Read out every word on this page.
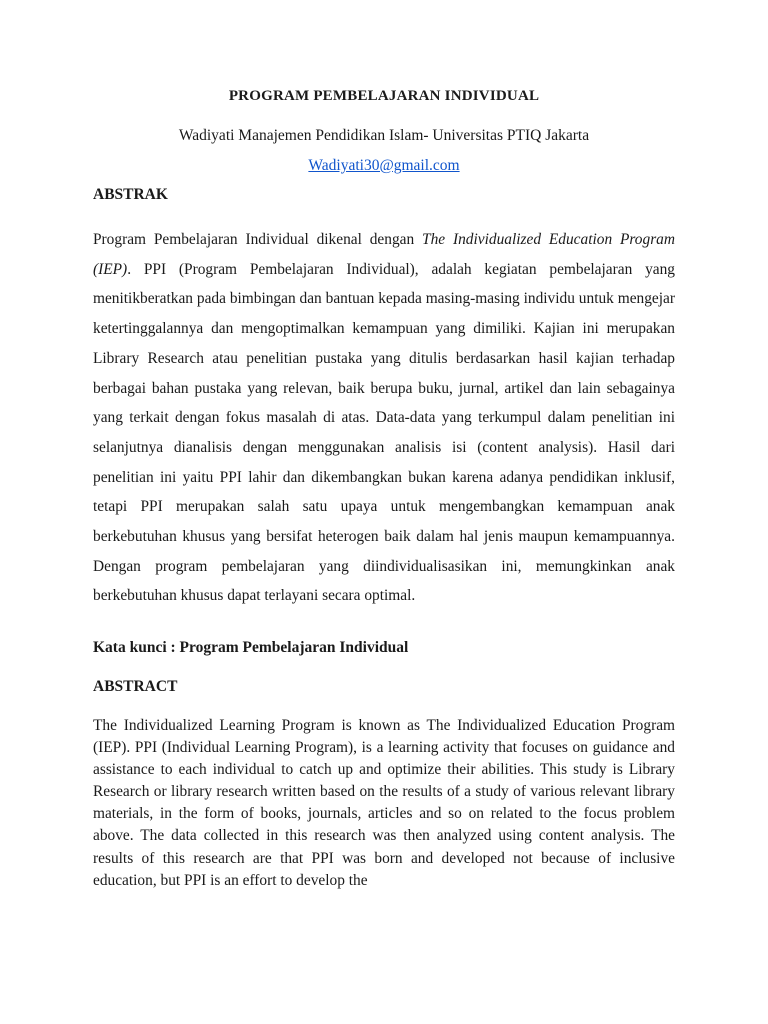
PROGRAM PEMBELAJARAN INDIVIDUAL
Wadiyati Manajemen Pendidikan Islam- Universitas PTIQ Jakarta
Wadiyati30@gmail.com
ABSTRAK
Program Pembelajaran Individual dikenal dengan The Individualized Education Program (IEP). PPI (Program Pembelajaran Individual), adalah kegiatan pembelajaran yang menitikberatkan pada bimbingan dan bantuan kepada masing-masing individu untuk mengejar ketertinggalannya dan mengoptimalkan kemampuan yang dimiliki. Kajian ini merupakan Library Research atau penelitian pustaka yang ditulis berdasarkan hasil kajian terhadap berbagai bahan pustaka yang relevan, baik berupa buku, jurnal, artikel dan lain sebagainya yang terkait dengan fokus masalah di atas. Data-data yang terkumpul dalam penelitian ini selanjutnya dianalisis dengan menggunakan analisis isi (content analysis). Hasil dari penelitian ini yaitu PPI lahir dan dikembangkan bukan karena adanya pendidikan inklusif, tetapi PPI merupakan salah satu upaya untuk mengembangkan kemampuan anak berkebutuhan khusus yang bersifat heterogen baik dalam hal jenis maupun kemampuannya. Dengan program pembelajaran yang diindividualisasikan ini, memungkinkan anak berkebutuhan khusus dapat terlayani secara optimal.
Kata kunci : Program Pembelajaran Individual
ABSTRACT
The Individualized Learning Program is known as The Individualized Education Program (IEP). PPI (Individual Learning Program), is a learning activity that focuses on guidance and assistance to each individual to catch up and optimize their abilities. This study is Library Research or library research written based on the results of a study of various relevant library materials, in the form of books, journals, articles and so on related to the focus problem above. The data collected in this research was then analyzed using content analysis. The results of this research are that PPI was born and developed not because of inclusive education, but PPI is an effort to develop the
